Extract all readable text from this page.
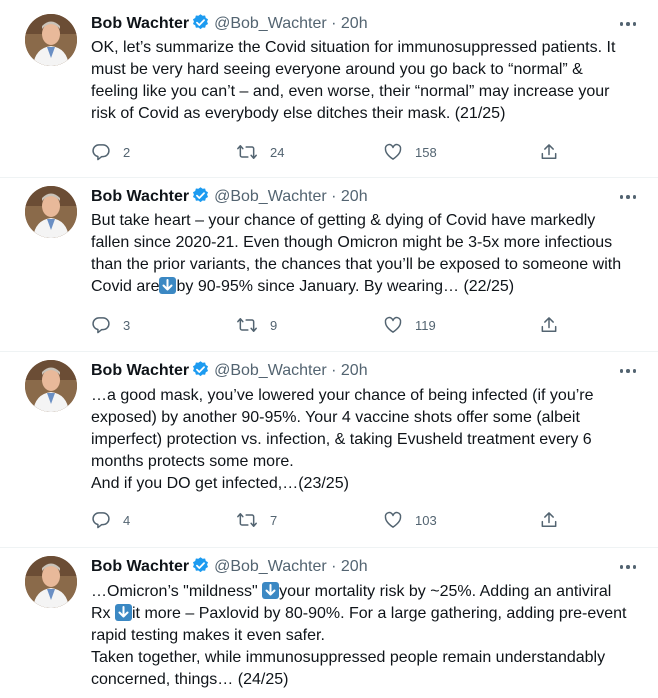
Bob Wachter @Bob_Wachter · 20h
OK, let’s summarize the Covid situation for immunosuppressed patients. It
must be very hard seeing everyone around you go back to “normal” &
feeling like you can’t – and, even worse, their “normal” may increase your
risk of Covid as everybody else ditches their mask. (21/25)
2	24	158
Bob Wachter @Bob_Wachter · 20h
But take heart – your chance of getting & dying of Covid have markedly
fallen since 2020-21. Even though Omicron might be 3-5x more infectious
than the prior variants, the chances that you’ll be exposed to someone with
Covid are by 90-95% since January. By wearing… (22/25)
3	9	119
Bob Wachter @Bob_Wachter · 20h
…a good mask, you’ve lowered your chance of being infected (if you’re
exposed) by another 90-95%. Your 4 vaccine shots offer some (albeit
imperfect) protection vs. infection, & taking Evusheld treatment every 6
months protects some more.
And if you DO get infected,…(23/25)
4	7	103
Bob Wachter @Bob_Wachter · 20h
…Omicron’s "mildness"
your mortality risk by ~25%. Adding an antiviral
Rx
it more – Paxlovid by 80-90%. For a large gathering, adding pre-event
rapid testing makes it even safer.
Taken together, while immunosuppressed people remain understandably
concerned, things… (24/25)
